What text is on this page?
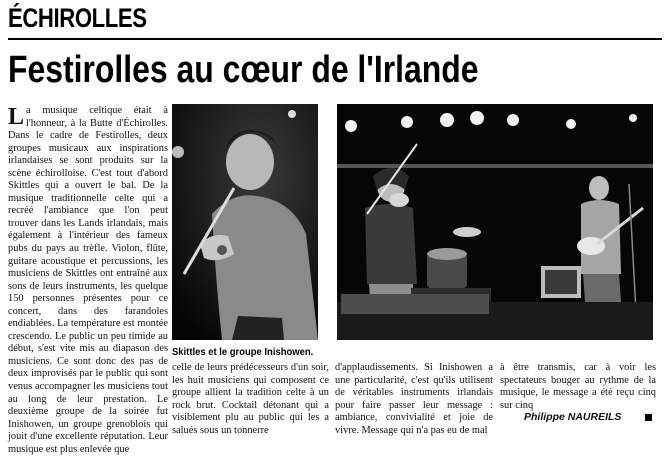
ÉCHIROLLES
Festirolles au cœur de l'Irlande

La musique celtique était à l'honneur, à la Butte d'Échirolles. Dans le cadre de Festirolles, deux groupes musicaux aux inspirations irlandaises se sont produits sur la scène échirolloise. C'est tout d'abord Skittles qui a ouvert le bal. De la musique traditionnelle celte qui a recréé l'ambiance que l'on peut trouver dans les Lands irlandais, mais également à l'intérieur des fameux pubs du pays au trèfle. Violon, flûte, guitare acoustique et percussions, les musiciens de Skittles ont entraîné aux sons de leurs instruments, les quelque 150 personnes présentes pour ce concert, dans des farandoles endiablées. La température est montée crescendo. Le public un peu timide au début, s'est vite mis au diapason des musiciens. Ce sont donc des pas de deux improvisés par le public qui sont venus accompagner les musiciens tout au long de leur prestation. Le deuxième groupe de la soirée fut Inishowen, un groupe grenoblois qui jouit d'une excellente réputation. Leur musique est plus enlevée que

Skittles et le groupe Inishowen.

celle de leurs prédécesseurs d'un soir, les huit musiciens qui composent ce groupe allient la tradition celte à un rock brut. Cocktail détonant qui a visiblement plu au public qui les a salués sous un tonnerre

d'applaudissements. Si Inishowen a une particularité, c'est qu'ils utilisent de véritables instruments irlandais pour faire passer leur message : ambiance, convivialité et joie de vivre. Message qui n'a pas eu de mal

à être transmis, car à voir les spectateurs bouger au rythme de la musique, le message a été reçu cinq sur cinq

Philippe NAUREILS
